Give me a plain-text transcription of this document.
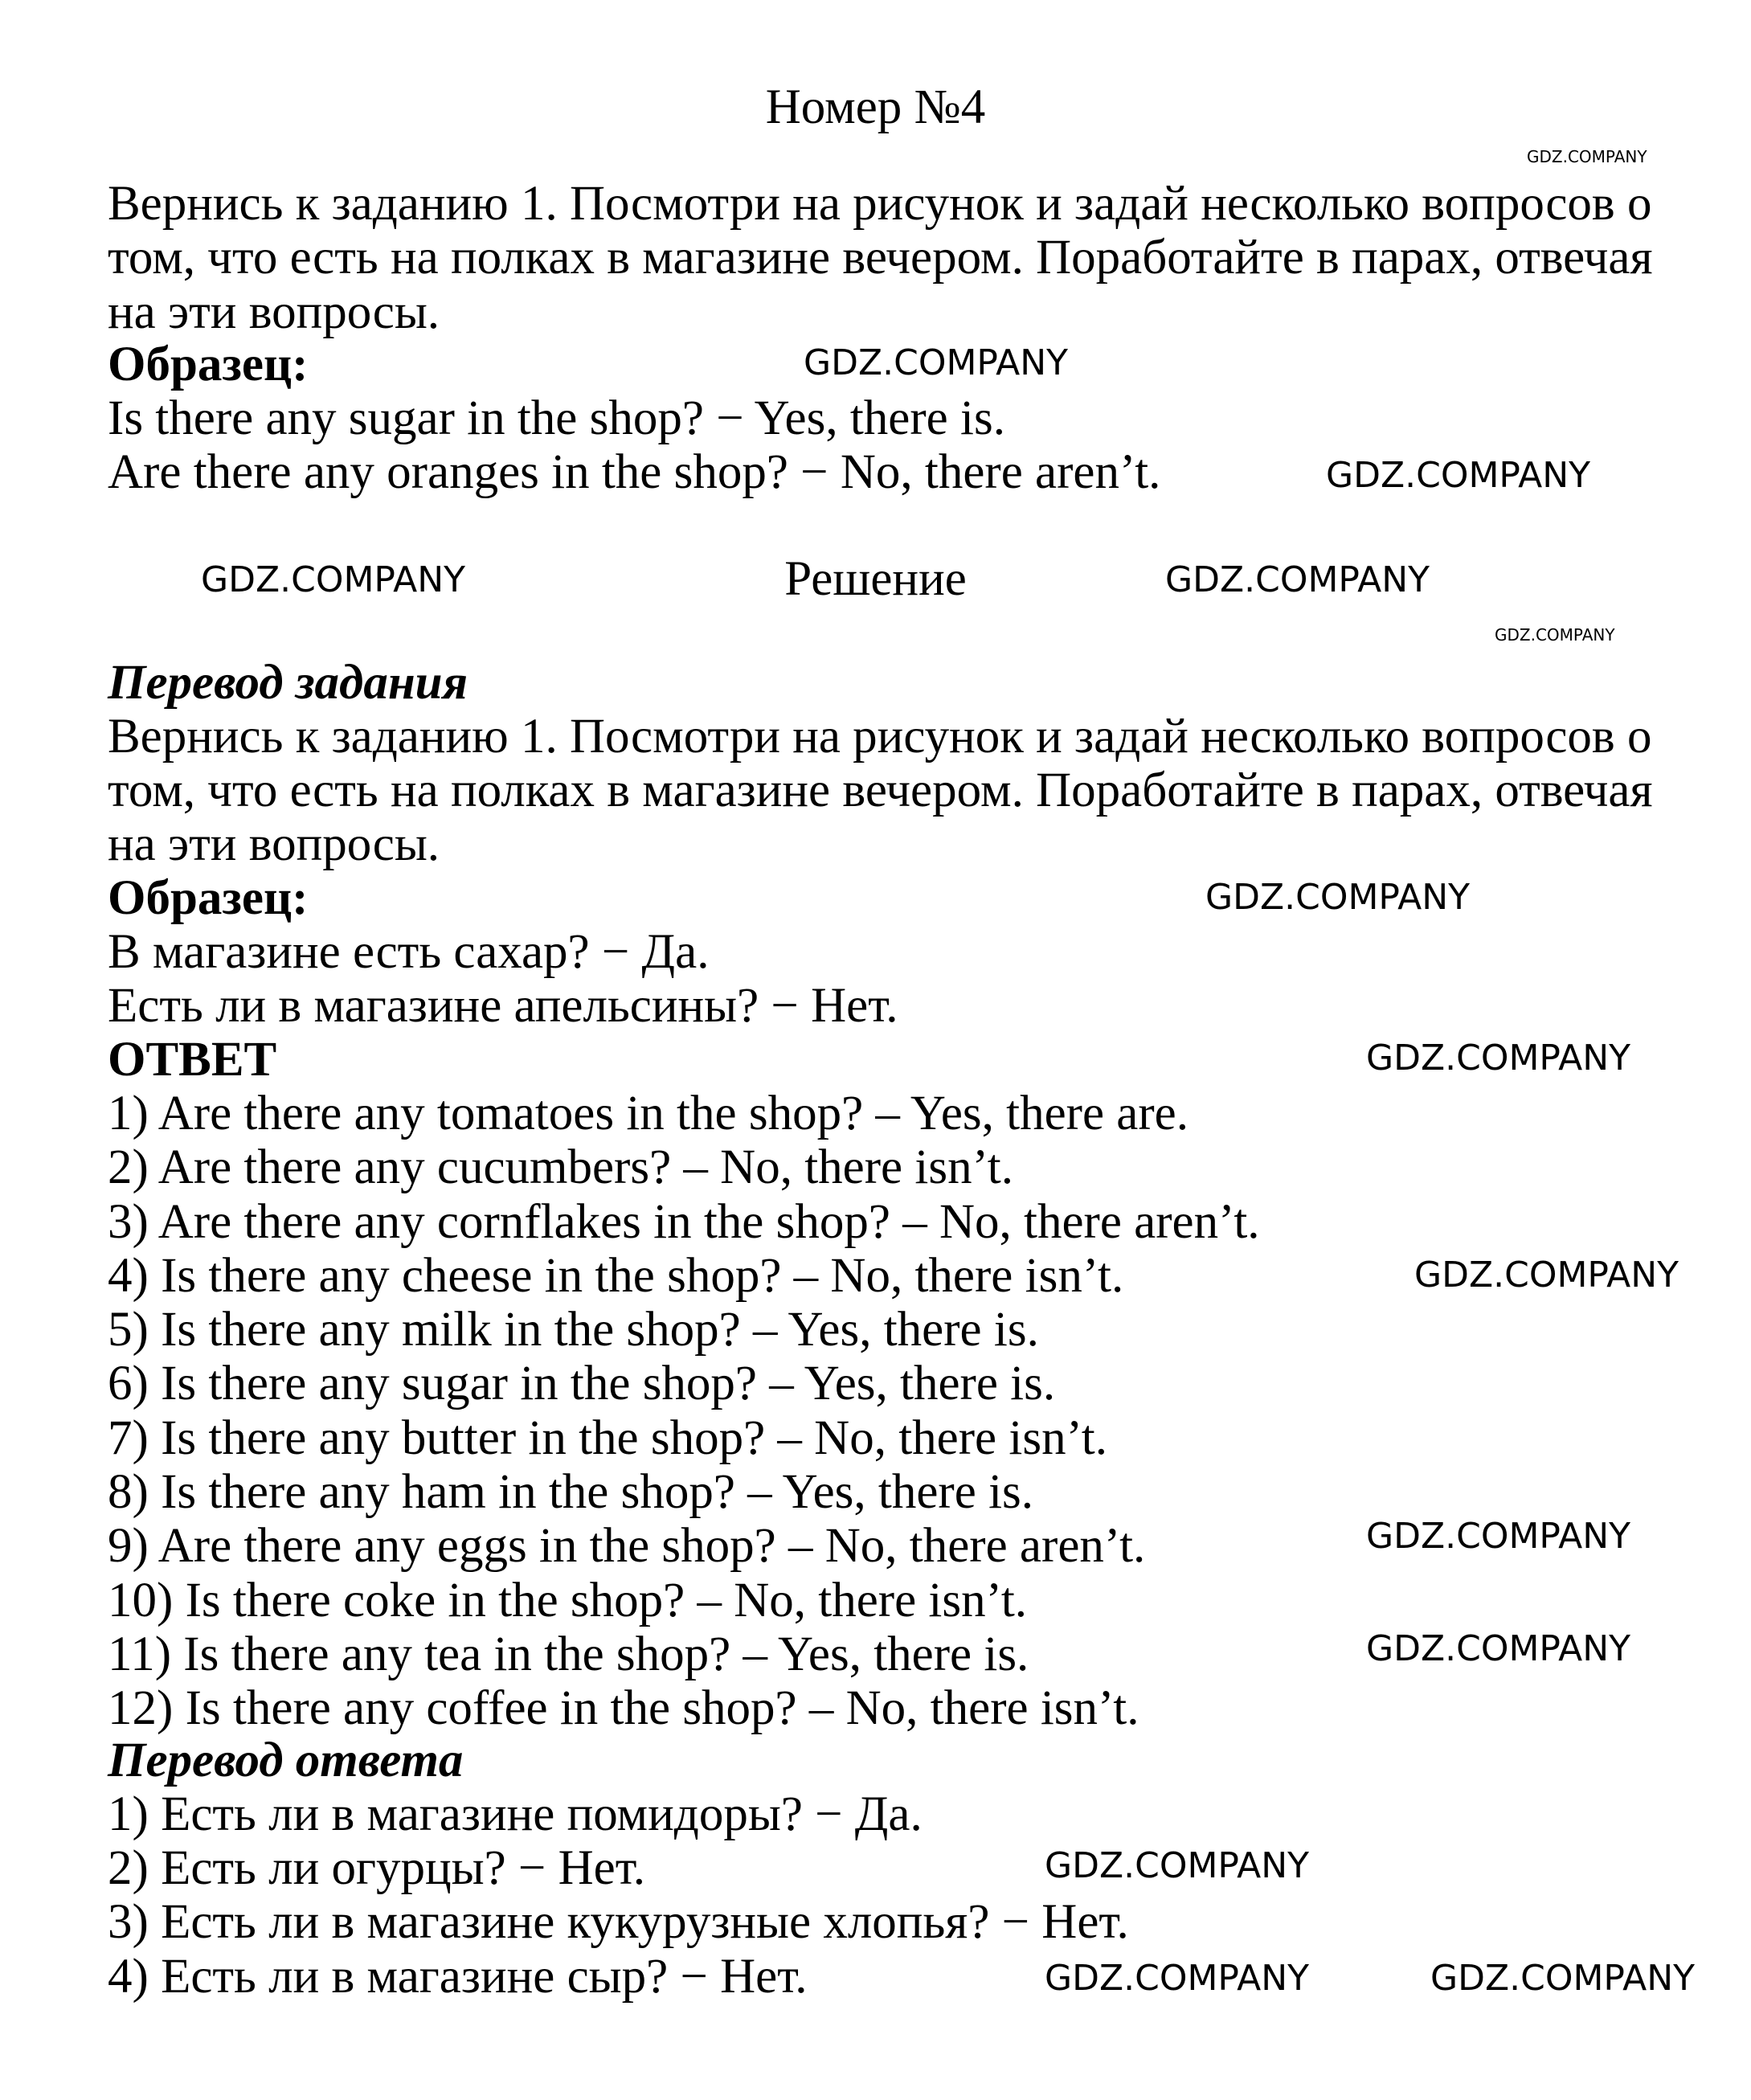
Номер №4
Вернись к заданию 1. Посмотри на рисунок и задай несколько вопросов о
том, что есть на полках в магазине вечером. Поработайте в парах, отвечая
на эти вопросы.
Образец:
Is there any sugar in the shop? − Yes, there is.
Are there any oranges in the shop? − No, there aren’t.
Решение
Перевод задания
Вернись к заданию 1. Посмотри на рисунок и задай несколько вопросов о
том, что есть на полках в магазине вечером. Поработайте в парах, отвечая
на эти вопросы.
Образец:
В магазине есть сахар? − Да.
Есть ли в магазине апельсины? − Нет.
ОТВЕТ
1) Are there any tomatoes in the shop? – Yes, there are.
2) Are there any cucumbers? – No, there isn’t.
3) Are there any cornflakes in the shop? – No, there aren’t.
4) Is there any cheese in the shop? – No, there isn’t.
5) Is there any milk in the shop? – Yes, there is.
6) Is there any sugar in the shop? – Yes, there is.
7) Is there any butter in the shop? – No, there isn’t.
8) Is there any ham in the shop? – Yes, there is.
9) Are there any eggs in the shop? – No, there aren’t.
10) Is there coke in the shop? – No, there isn’t.
11) Is there any tea in the shop? – Yes, there is.
12) Is there any coffee in the shop? – No, there isn’t.
Перевод ответа
1) Есть ли в магазине помидоры? − Да.
2) Есть ли огурцы? − Нет.
3) Есть ли в магазине кукурузные хлопья? − Нет.
4) Есть ли в магазине сыр? − Нет.
GDZ.COMPANY
GDZ.COMPANY
GDZ.COMPANY
GDZ.COMPANY	GDZ.COMPANY
GDZ.COMPANY
GDZ.COMPANY
GDZ.COMPANY
GDZ.COMPANY
GDZ.COMPANY
GDZ.COMPANY
GDZ.COMPANY	GDZ.COMPANY
GDZ.COMPANY
